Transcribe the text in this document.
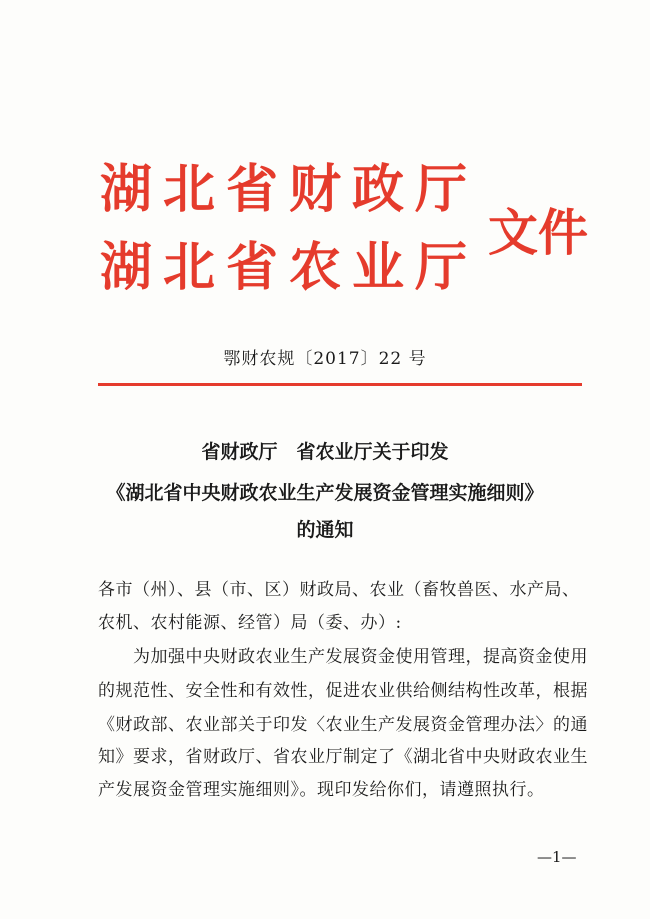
湖北省财政厅
湖北省农业厅
文件
鄂财农规〔2017〕22 号
省财政厅　省农业厅关于印发
《湖北省中央财政农业生产发展资金管理实施细则》
的通知
各市（州）、县（市、区）财政局、农业（畜牧兽医、水产局、
农机、农村能源、经管）局（委、办）:
为加强中央财政农业生产发展资金使用管理，提高资金使用
的规范性、安全性和有效性，促进农业供给侧结构性改革，根据
《财政部、农业部关于印发〈农业生产发展资金管理办法〉的通
知》要求，省财政厅、省农业厅制定了《湖北省中央财政农业生
产发展资金管理实施细则》。现印发给你们，请遵照执行。
—1—
